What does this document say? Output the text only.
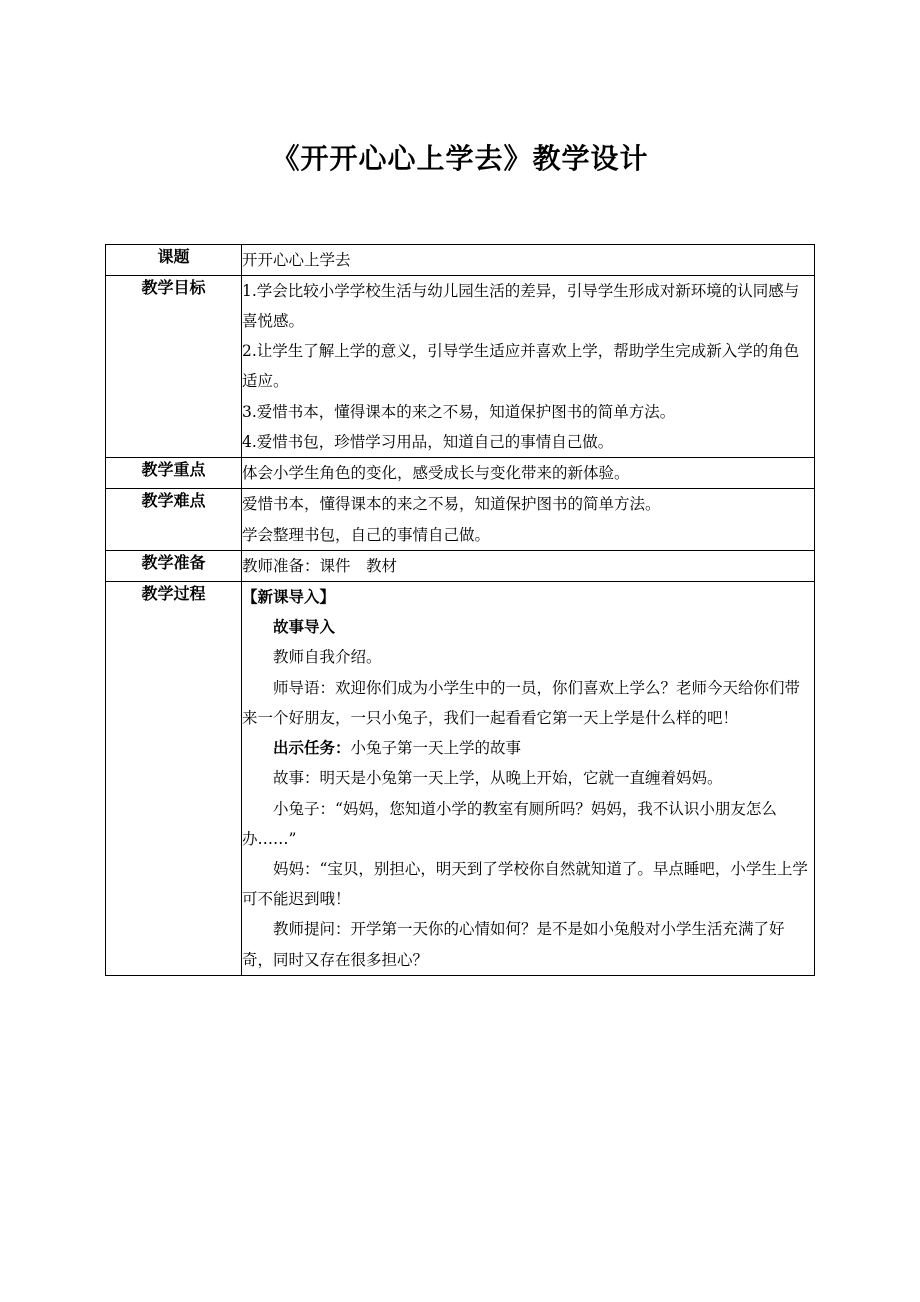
《开开心心上学去》教学设计
课题	开开心心上学去

教学目标	1.学会比较小学学校生活与幼儿园生活的差异，引导学生形成对新环境的认同感与喜悦感。

2.让学生了解上学的意义，引导学生适应并喜欢上学，帮助学生完成新入学的角色适应。

3.爱惜书本，懂得课本的来之不易，知道保护图书的简单方法。

4.爱惜书包，珍惜学习用品，知道自己的事情自己做。

教学重点	体会小学生角色的变化，感受成长与变化带来的新体验。

教学难点	爱惜书本，懂得课本的来之不易，知道保护图书的简单方法。

学会整理书包，自己的事情自己做。

教学准备	教师准备：课件　教材

教学过程	【新课导入】

故事导入

教师自我介绍。

师导语：欢迎你们成为小学生中的一员，你们喜欢上学么？老师今天给你们带来一个好朋友，一只小兔子，我们一起看看它第一天上学是什么样的吧！

出示任务：小兔子第一天上学的故事

故事：明天是小兔第一天上学，从晚上开始，它就一直缠着妈妈。

小兔子：“妈妈，您知道小学的教室有厕所吗？妈妈，我不认识小朋友怎么办……”

妈妈：“宝贝，别担心，明天到了学校你自然就知道了。早点睡吧，小学生上学可不能迟到哦！

教师提问：开学第一天你的心情如何？是不是如小兔般对小学生活充满了好奇，同时又存在很多担心？
